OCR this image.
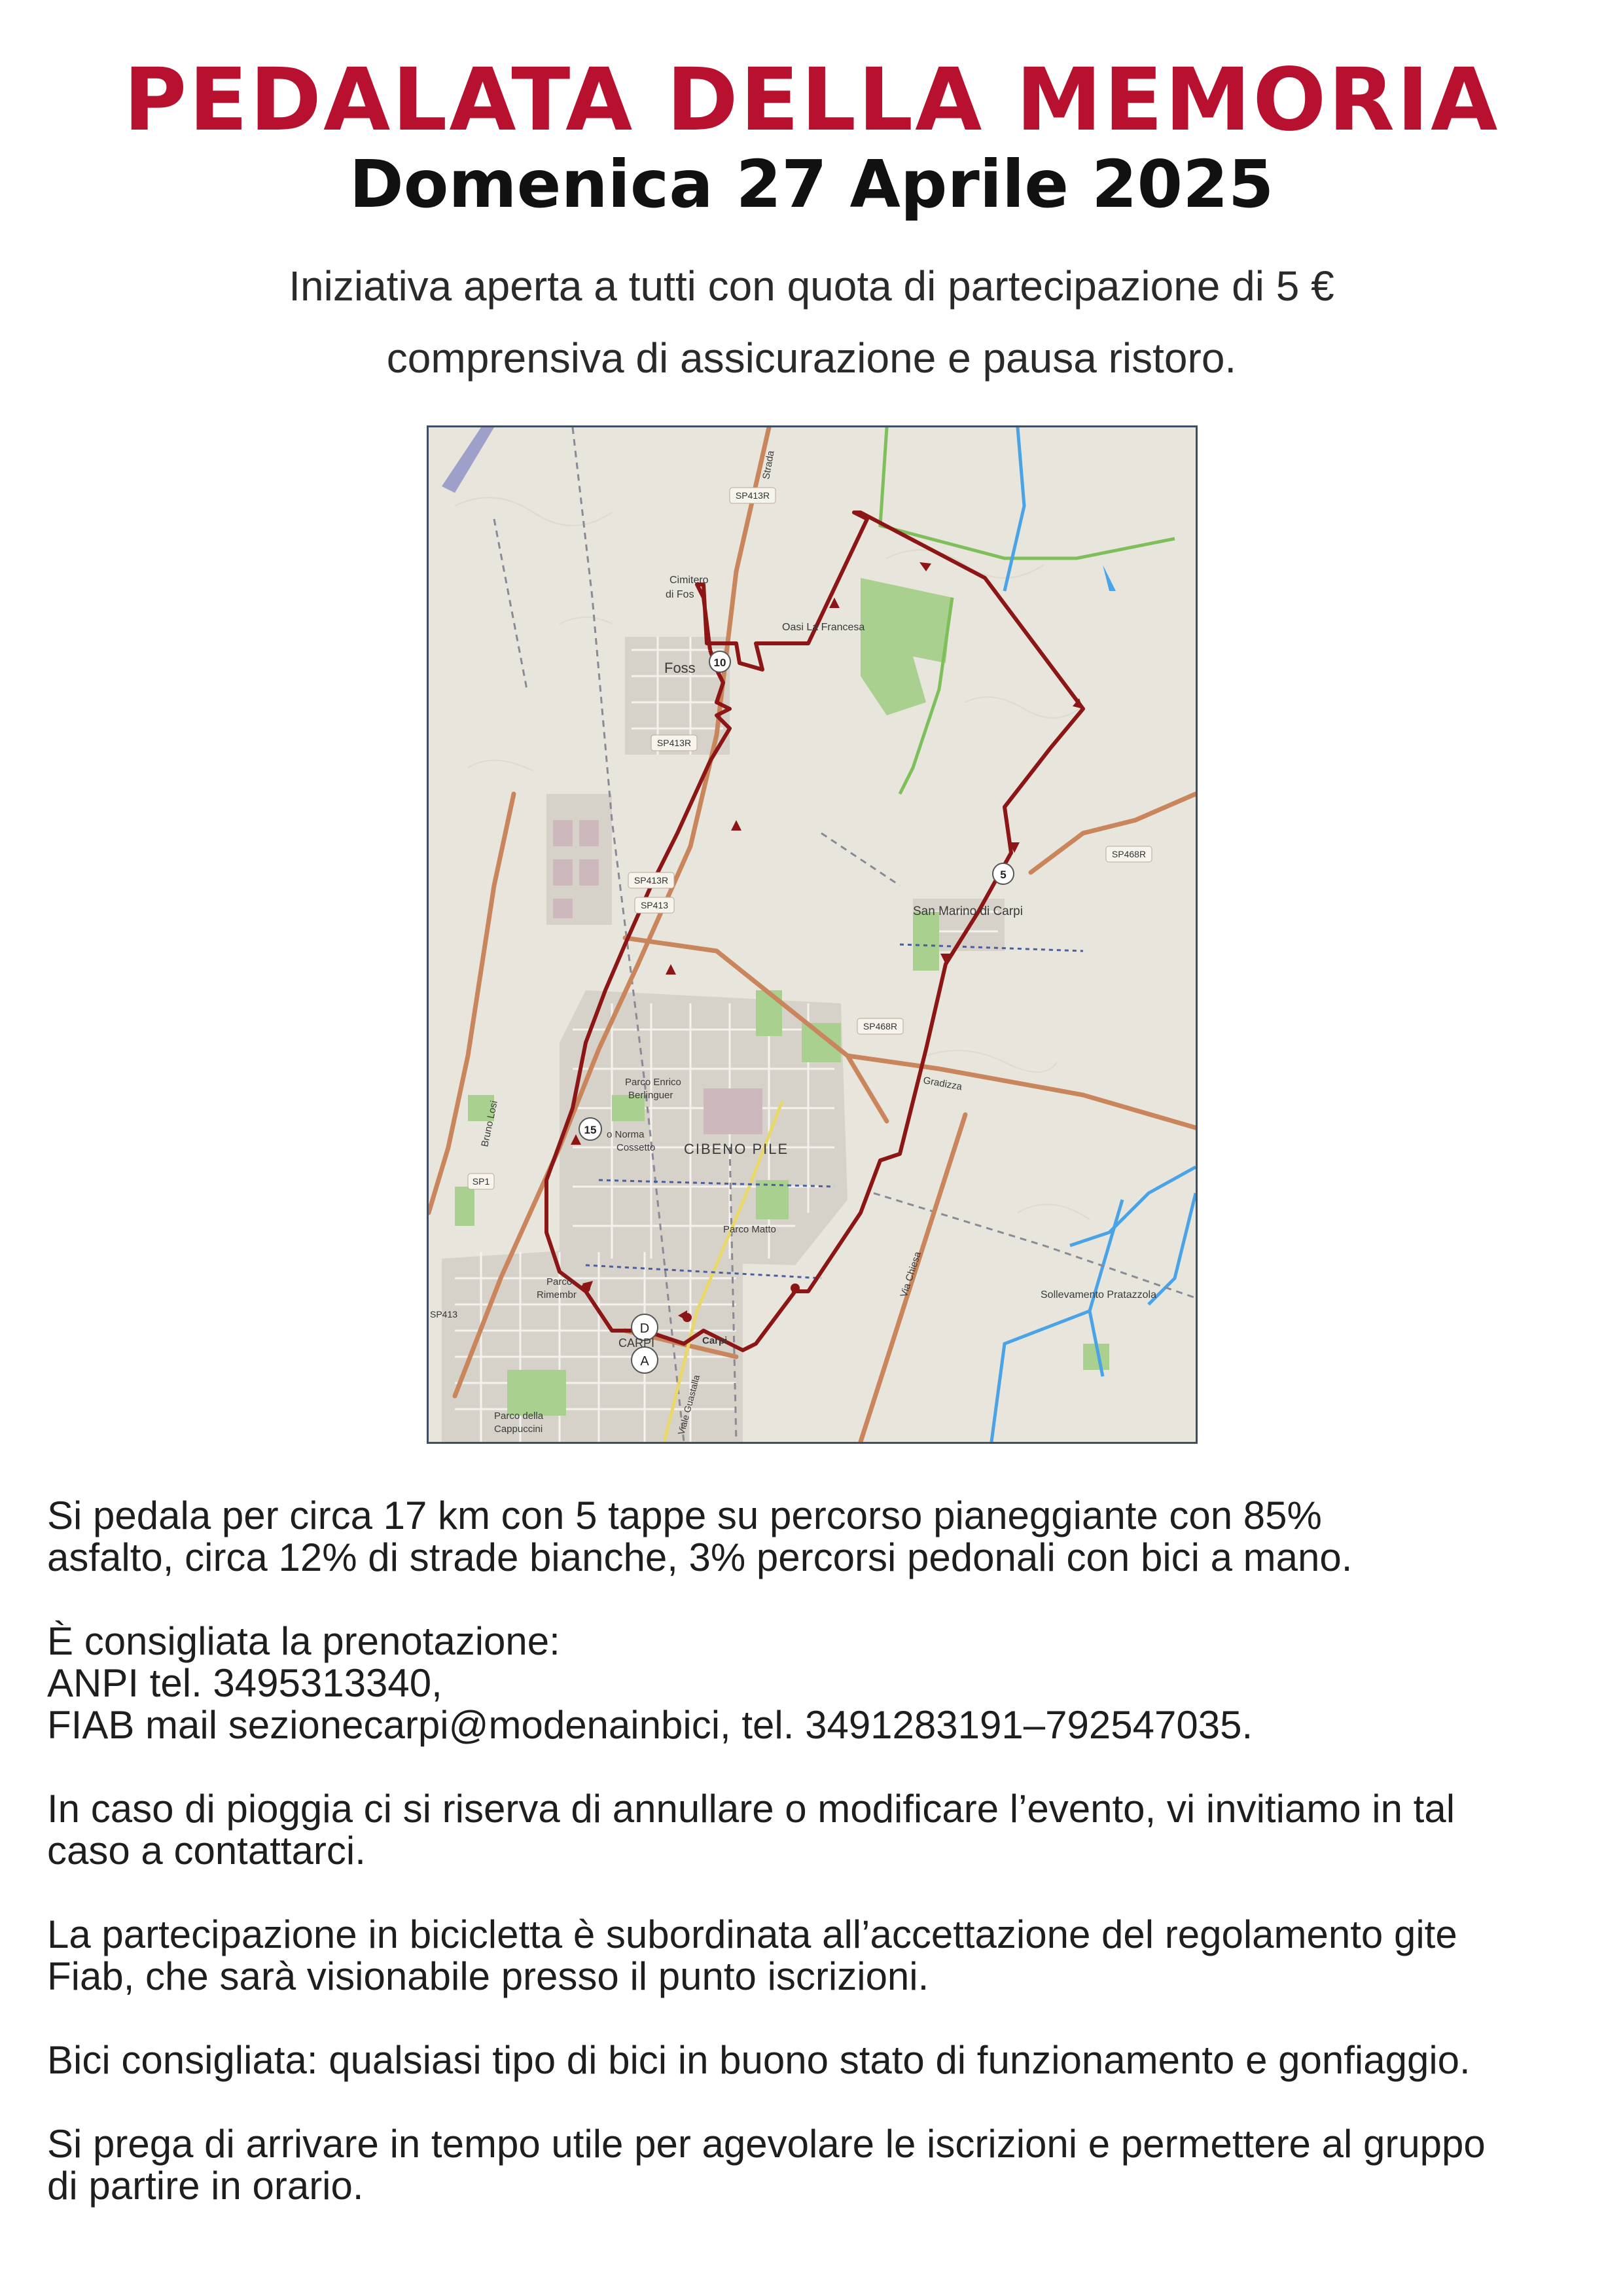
PEDALATA DELLA MEMORIA
Domenica 27 Aprile 2025
Iniziativa aperta a tutti con quota di partecipazione di 5 €
comprensiva di assicurazione e pausa ristoro.
10
5
15
D
A
SP413R
SP413R
SP413R
SP413
SP468R
SP468R
SP1
SP413
Cimitero
di Fos
Foss
Oasi La Francesa
San Marino di Carpi
Gradizza
Parco Enrico
Berlinguer
o Norma
Cossetto CIBENO PILE
Parco Matto
Parco
Rimembr
CARPI	Carpi
Parco della
Cappuccini
Sollevamento Pratazzola
Via Chiesa
Bruno Losi
Viale Guastalla
Strada

Si pedala per circa 17 km con 5 tappe su percorso pianeggiante con 85%
asfalto, circa 12% di strade bianche, 3% percorsi pedonali con bici a mano.

È consigliata la prenotazione:
ANPI tel. 3495313340,
FIAB mail sezionecarpi@modenainbici, tel. 3491283191–792547035.

In caso di pioggia ci si riserva di annullare o modificare l’evento, vi invitiamo in tal
caso a contattarci.

La partecipazione in bicicletta è subordinata all’accettazione del regolamento gite
Fiab, che sarà visionabile presso il punto iscrizioni.

Bici consigliata: qualsiasi tipo di bici in buono stato di funzionamento e gonfiaggio.

Si prega di arrivare in tempo utile per agevolare le iscrizioni e permettere al gruppo
di partire in orario.
